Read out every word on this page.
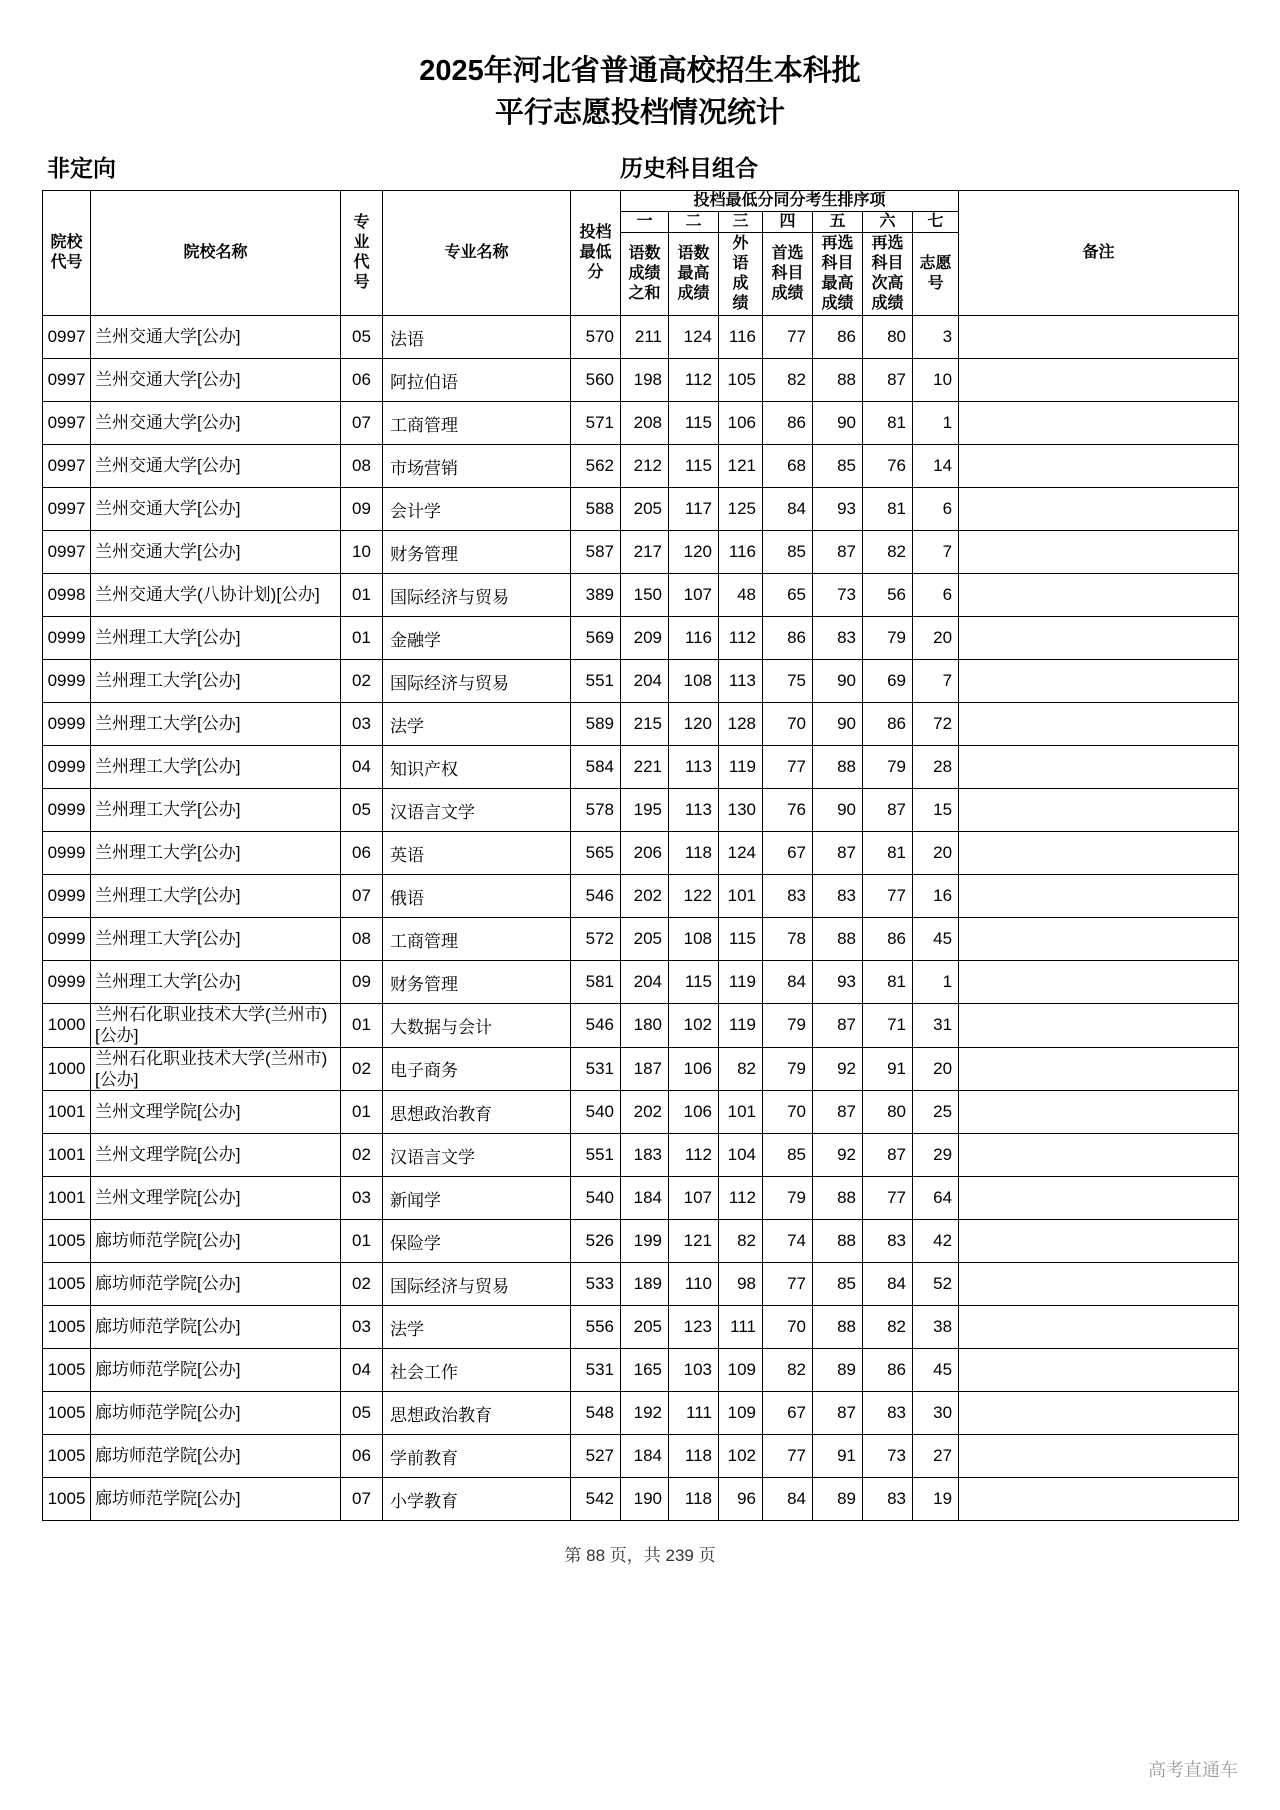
2025年河北省普通高校招生本科批
平行志愿投档情况统计
非定向	历史科目组合
院校代号	院校名称	专业代号	专业名称	投档最低分	投档最低分同分考生排序项							备注
					一	二	三	四	五	六	七	
					语数成绩之和	语数最高成绩	外语成绩	首选科目成绩	再选科目最高成绩	再选科目次高成绩	志愿号	
0997	兰州交通大学[公办]	05	法语	570	211	124	116	77	86	80	3	
0997	兰州交通大学[公办]	06	阿拉伯语	560	198	112	105	82	88	87	10	
0997	兰州交通大学[公办]	07	工商管理	571	208	115	106	86	90	81	1	
0997	兰州交通大学[公办]	08	市场营销	562	212	115	121	68	85	76	14	
0997	兰州交通大学[公办]	09	会计学	588	205	117	125	84	93	81	6	
0997	兰州交通大学[公办]	10	财务管理	587	217	120	116	85	87	82	7	
0998	兰州交通大学(八协计划)[公办]	01	国际经济与贸易	389	150	107	48	65	73	56	6	
0999	兰州理工大学[公办]	01	金融学	569	209	116	112	86	83	79	20	
0999	兰州理工大学[公办]	02	国际经济与贸易	551	204	108	113	75	90	69	7	
0999	兰州理工大学[公办]	03	法学	589	215	120	128	70	90	86	72	
0999	兰州理工大学[公办]	04	知识产权	584	221	113	119	77	88	79	28	
0999	兰州理工大学[公办]	05	汉语言文学	578	195	113	130	76	90	87	15	
0999	兰州理工大学[公办]	06	英语	565	206	118	124	67	87	81	20	
0999	兰州理工大学[公办]	07	俄语	546	202	122	101	83	83	77	16	
0999	兰州理工大学[公办]	08	工商管理	572	205	108	115	78	88	86	45	
0999	兰州理工大学[公办]	09	财务管理	581	204	115	119	84	93	81	1	
1000	兰州石化职业技术大学(兰州市)[公办]	01	大数据与会计	546	180	102	119	79	87	71	31	
1000	兰州石化职业技术大学(兰州市)[公办]	02	电子商务	531	187	106	82	79	92	91	20	
1001	兰州文理学院[公办]	01	思想政治教育	540	202	106	101	70	87	80	25	
1001	兰州文理学院[公办]	02	汉语言文学	551	183	112	104	85	92	87	29	
1001	兰州文理学院[公办]	03	新闻学	540	184	107	112	79	88	77	64	
1005	廊坊师范学院[公办]	01	保险学	526	199	121	82	74	88	83	42	
1005	廊坊师范学院[公办]	02	国际经济与贸易	533	189	110	98	77	85	84	52	
1005	廊坊师范学院[公办]	03	法学	556	205	123	111	70	88	82	38	
1005	廊坊师范学院[公办]	04	社会工作	531	165	103	109	82	89	86	45	
1005	廊坊师范学院[公办]	05	思想政治教育	548	192	111	109	67	87	83	30	
1005	廊坊师范学院[公办]	06	学前教育	527	184	118	102	77	91	73	27	
1005	廊坊师范学院[公办]	07	小学教育	542	190	118	96	84	89	83	19	
第 88 页，共 239 页
高考直通车
